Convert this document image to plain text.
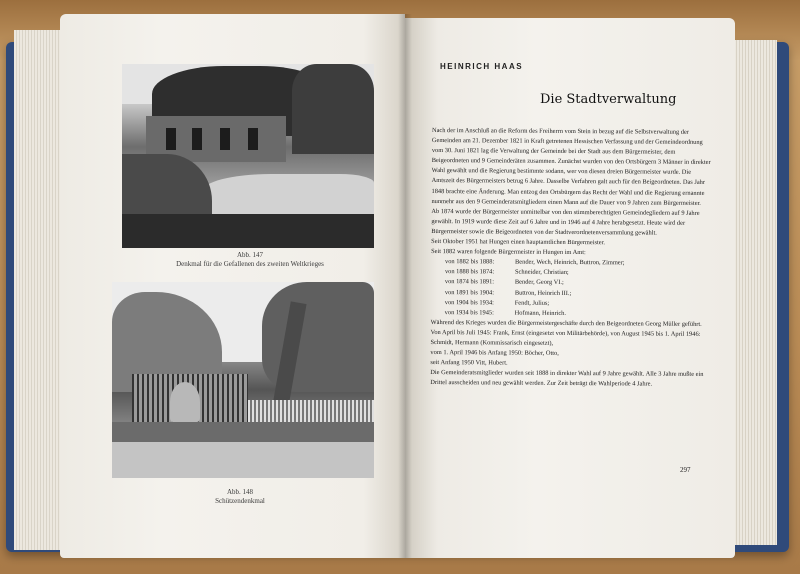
Abb. 147
Denkmal für die Gefallenen des zweiten Weltkrieges
Abb. 148
Schützendenkmal
HEINRICH HAAS
Die Stadtverwaltung

Nach der im Anschluß an die Reform des Freiherrn vom Stein in bezug auf die Selbstverwaltung der Gemeinden am 21. Dezember 1821 in Kraft getretenen Hessischen Verfassung und der Gemeindeordnung vom 30. Juni 1821 lag die Verwaltung der Gemeinde bei der Stadt aus dem Bürgermeister, dem Beigeordneten und 9 Gemeinderäten zusammen. Zunächst wurden von den Ortsbürgern 3 Männer in direkter Wahl gewählt und die Regierung bestimmte sodann, wer von diesen dreien Bürgermeister wurde. Die Amtszeit des Bürgermeisters betrug 6 Jahre. Dasselbe Verfahren galt auch für den Beigeordneten. Das Jahr 1848 brachte eine Änderung. Man entzog den Ortsbürgern das Recht der Wahl und die Regierung ernannte nunmehr aus den 9 Gemeinderatsmitgliedern einen Mann auf die Dauer von 9 Jahren zum Bürgermeister.

Ab 1874 wurde der Bürgermeister unmittelbar von den stimmberechtigten Gemeindegliedern auf 9 Jahre gewählt. In 1919 wurde diese Zeit auf 6 Jahre und in 1946 auf 4 Jahre herabgesetzt. Heute wird der Bürgermeister sowie die Beigeordneten von der Stadtverordnetenversammlung gewählt.

Seit Oktober 1951 hat Hungen einen hauptamtlichen Bürgermeister.

Seit 1882 waren folgende Bürgermeister in Hungen im Amt:

von 1882 bis 1888:	Bender, Wech, Heinrich, Buttron, Zimmer;
von 1888 bis 1874:	Schneider, Christian;
von 1874 bis 1891:	Bender, Georg VI.;
von 1891 bis 1904:	Buttron, Heinrich III.;
von 1904 bis 1934:	Fendt, Julius;
von 1934 bis 1945:	Hofmann, Heinrich.

Während des Krieges wurden die Bürgermeistergeschäfte durch den Beigeordneten Georg Müller geführt.

Von April bis Juli 1945: Frank, Ernst (eingesetzt von Militärbehörde), von August 1945 bis 1. April 1946: Schmidt, Hermann (Kommissarisch eingesetzt),

vom 1. April 1946 bis Anfang 1950: Böcher, Otto,

seit Anfang 1950 Vitt, Hubert.

Die Gemeinderatsmitglieder wurden seit 1888 in direkter Wahl auf 9 Jahre gewählt. Alle 3 Jahre mußte ein Drittel ausscheiden und neu gewählt werden. Zur Zeit beträgt die Wahlperiode 4 Jahre.

297
